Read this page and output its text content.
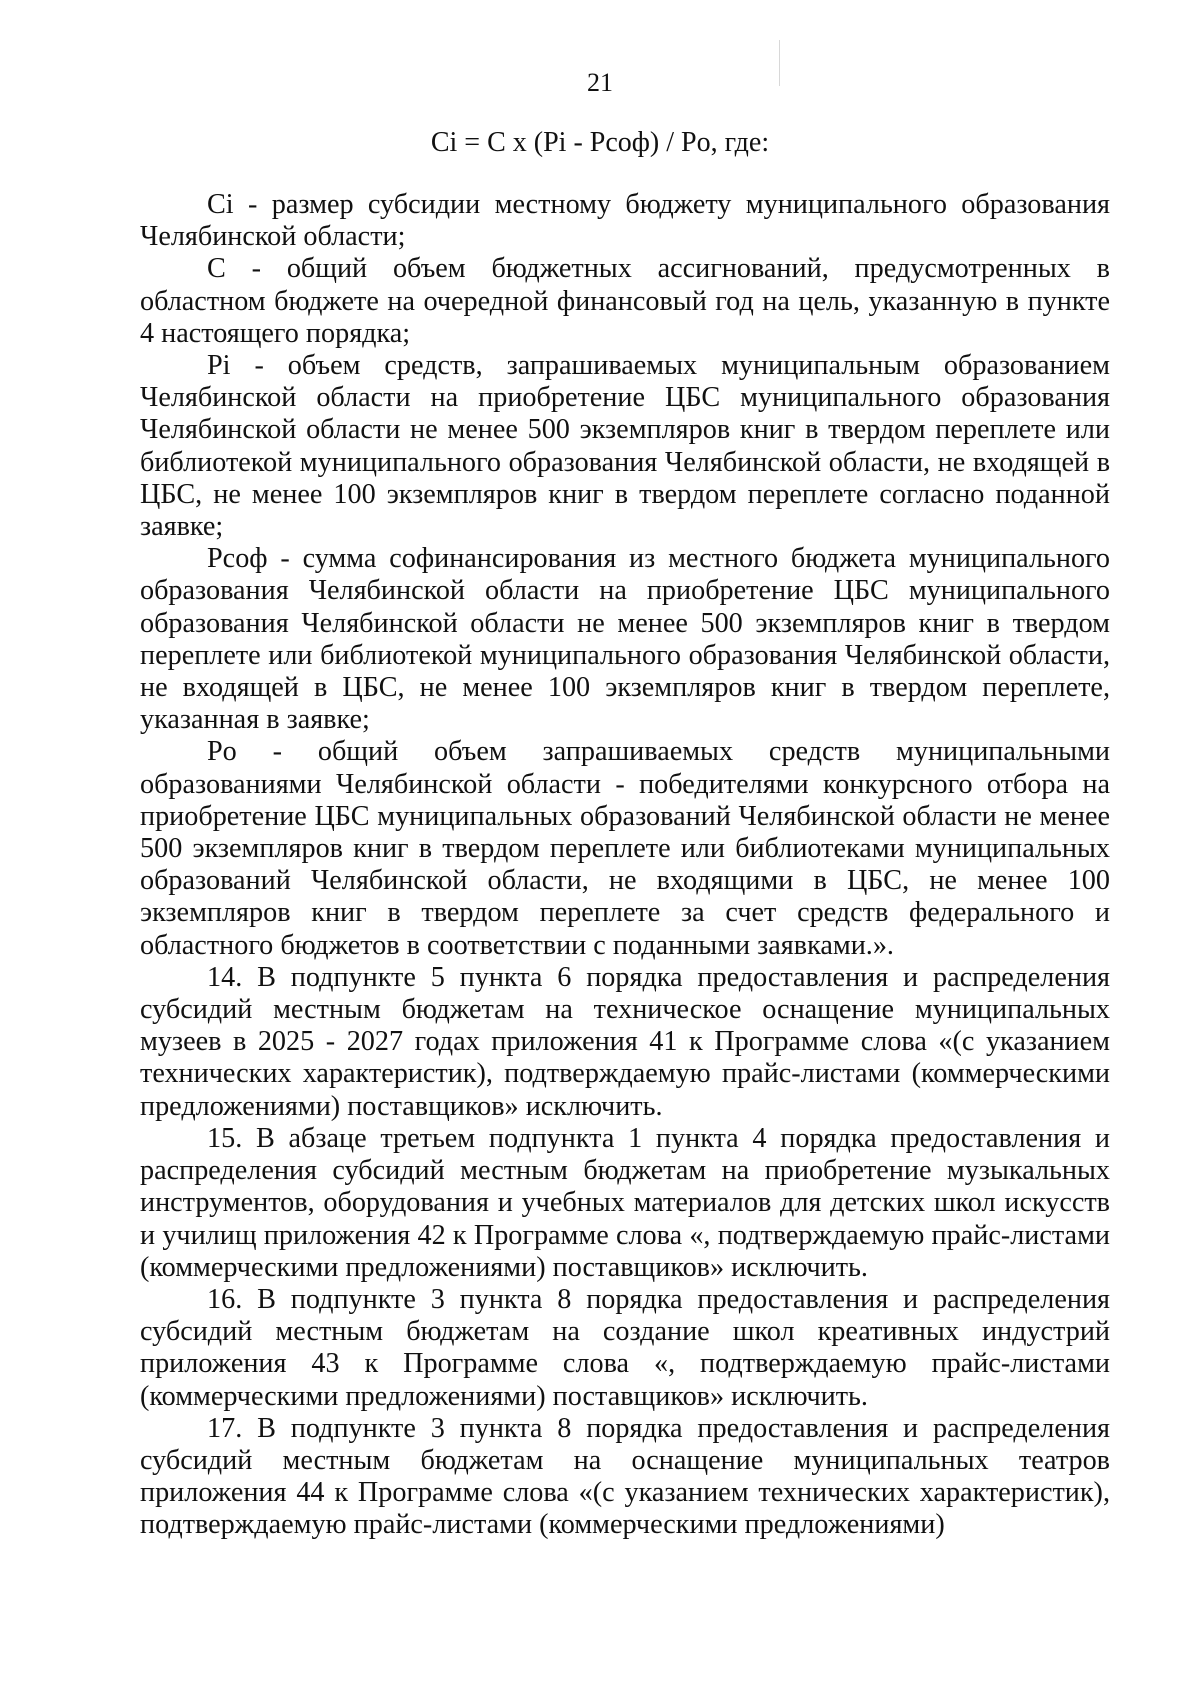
21
Ci = C x (Pi - Pсоф) / Po, где:

Ci - размер субсидии местному бюджету муниципального образования Челябинской области;

C - общий объем бюджетных ассигнований, предусмотренных в областном бюджете на очередной финансовый год на цель, указанную в пункте 4 настоящего порядка;

Pi - объем средств, запрашиваемых муниципальным образованием Челябинской области на приобретение ЦБС муниципального образования Челябинской области не менее 500 экземпляров книг в твердом переплете или библиотекой муниципального образования Челябинской области, не входящей в ЦБС, не менее 100 экземпляров книг в твердом переплете согласно поданной заявке;

Pсоф - сумма софинансирования из местного бюджета муниципального образования Челябинской области на приобретение ЦБС муниципального образования Челябинской области не менее 500 экземпляров книг в твердом переплете или библиотекой муниципального образования Челябинской области, не входящей в ЦБС, не менее 100 экземпляров книг в твердом переплете, указанная в заявке;

Po - общий объем запрашиваемых средств муниципальными образованиями Челябинской области - победителями конкурсного отбора на приобретение ЦБС муниципальных образований Челябинской области не менее 500 экземпляров книг в твердом переплете или библиотеками муниципальных образований Челябинской области, не входящими в ЦБС, не менее 100 экземпляров книг в твердом переплете за счет средств федерального и областного бюджетов в соответствии с поданными заявками.».

14. В подпункте 5 пункта 6 порядка предоставления и распределения субсидий местным бюджетам на техническое оснащение муниципальных музеев в 2025 - 2027 годах приложения 41 к Программе слова «(с указанием технических характеристик), подтверждаемую прайс-листами (коммерческими предложениями) поставщиков» исключить.

15. В абзаце третьем подпункта 1 пункта 4 порядка предоставления и распределения субсидий местным бюджетам на приобретение музыкальных инструментов, оборудования и учебных материалов для детских школ искусств и училищ приложения 42 к Программе слова «, подтверждаемую прайс-листами (коммерческими предложениями) поставщиков» исключить.

16. В подпункте 3 пункта 8 порядка предоставления и распределения субсидий местным бюджетам на создание школ креативных индустрий приложения 43 к Программе слова «, подтверждаемую прайс-листами (коммерческими предложениями) поставщиков» исключить.

17. В подпункте 3 пункта 8 порядка предоставления и распределения субсидий местным бюджетам на оснащение муниципальных театров приложения 44 к Программе слова «(с указанием технических характеристик), подтверждаемую прайс-листами (коммерческими предложениями)
